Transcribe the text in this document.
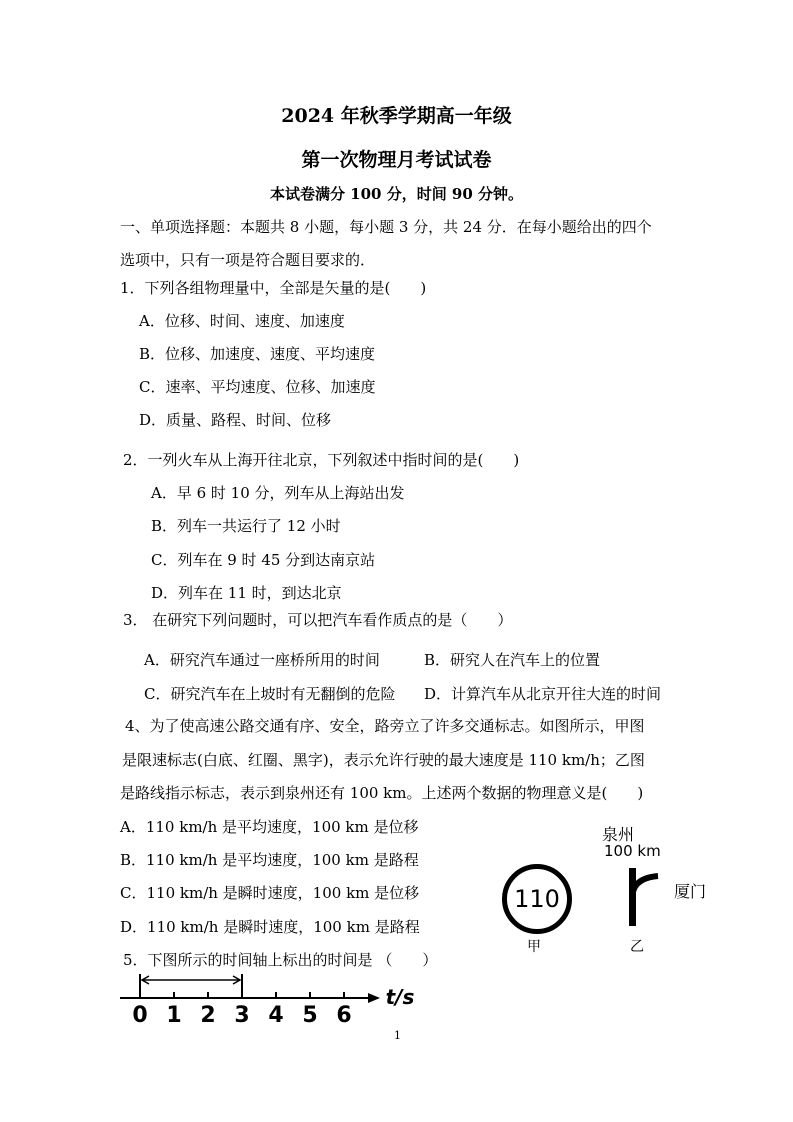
2024 年秋季学期高一年级
第一次物理月考试试卷
本试卷满分 100 分，时间 90 分钟。
一、单项选择题：本题共 8 小题，每小题 3 分，共 24 分．在每小题给出的四个
选项中，只有一项是符合题目要求的．
1．下列各组物理量中，全部是矢量的是(　　)
A．位移、时间、速度、加速度
B．位移、加速度、速度、平均速度
C．速率、平均速度、位移、加速度
D．质量、路程、时间、位移
2．一列火车从上海开往北京，下列叙述中指时间的是(　　)
A．早 6 时 10 分，列车从上海站出发
B．列车一共运行了 12 小时
C．列车在 9 时 45 分到达南京站
D．列车在 11 时，到达北京
3． 在研究下列问题时，可以把汽车看作质点的是（　　）
A．研究汽车通过一座桥所用的时间	B．研究人在汽车上的位置
C．研究汽车在上坡时有无翻倒的危险 D．计算汽车从北京开往大连的时间
4、为了使高速公路交通有序、安全，路旁立了许多交通标志。如图所示，甲图
是限速标志(白底、红圈、黑字)，表示允许行驶的最大速度是 110 km/h；乙图
是路线指示标志，表示到泉州还有 100 km。上述两个数据的物理意义是(　　)
A．110 km/h 是平均速度，100 km 是位移
B．110 km/h 是平均速度，100 km 是路程
C．110 km/h 是瞬时速度，100 km 是位移
D．110 km/h 是瞬时速度，100 km 是路程
110
甲
泉州
100 km
厦门
乙
5．下图所示的时间轴上标出的时间是 （　　）
0 1 2 3 4 5 6
t/s
1
